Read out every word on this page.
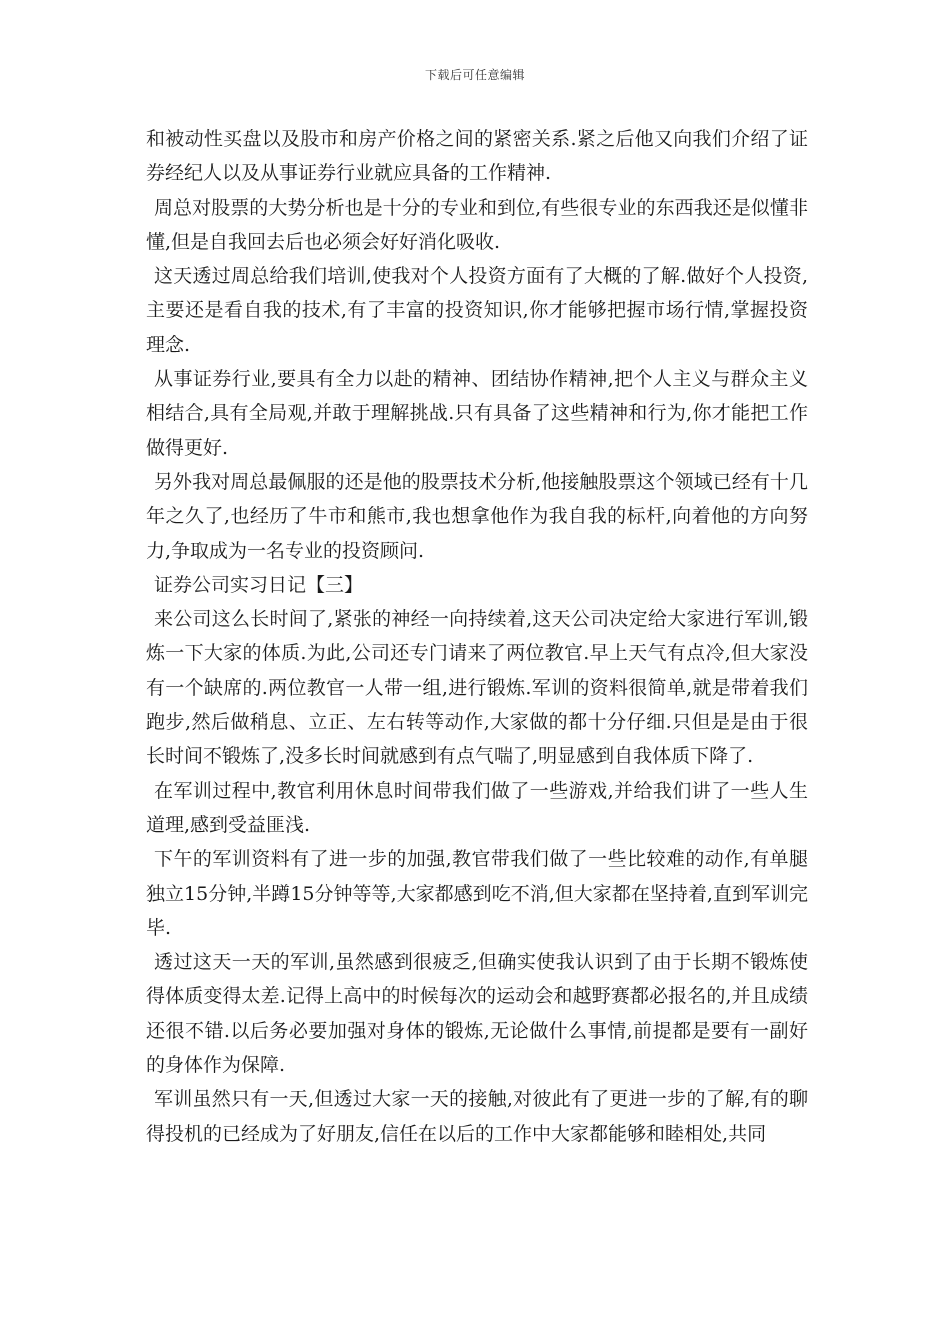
下载后可任意编辑

和被动性买盘以及股市和房产价格之间的紧密关系.紧之后他又向我们介绍了证券经纪人以及从事证券行业就应具备的工作精神.

周总对股票的大势分析也是十分的专业和到位,有些很专业的东西我还是似懂非懂,但是自我回去后也必须会好好消化吸收.

这天透过周总给我们培训,使我对个人投资方面有了大概的了解.做好个人投资,主要还是看自我的技术,有了丰富的投资知识,你才能够把握市场行情,掌握投资理念.

从事证券行业,要具有全力以赴的精神、团结协作精神,把个人主义与群众主义相结合,具有全局观,并敢于理解挑战.只有具备了这些精神和行为,你才能把工作做得更好.

另外我对周总最佩服的还是他的股票技术分析,他接触股票这个领域已经有十几年之久了,也经历了牛市和熊市,我也想拿他作为我自我的标杆,向着他的方向努力,争取成为一名专业的投资顾问.

证券公司实习日记【三】

来公司这么长时间了,紧张的神经一向持续着,这天公司决定给大家进行军训,锻炼一下大家的体质.为此,公司还专门请来了两位教官.早上天气有点冷,但大家没有一个缺席的.两位教官一人带一组,进行锻炼.军训的资料很简单,就是带着我们跑步,然后做稍息、立正、左右转等动作,大家做的都十分仔细.只但是是由于很长时间不锻炼了,没多长时间就感到有点气喘了,明显感到自我体质下降了.

在军训过程中,教官利用休息时间带我们做了一些游戏,并给我们讲了一些人生道理,感到受益匪浅.

下午的军训资料有了进一步的加强,教官带我们做了一些比较难的动作,有单腿独立15分钟,半蹲15分钟等等,大家都感到吃不消,但大家都在坚持着,直到军训完毕.

透过这天一天的军训,虽然感到很疲乏,但确实使我认识到了由于长期不锻炼使得体质变得太差.记得上高中的时候每次的运动会和越野赛都必报名的,并且成绩还很不错.以后务必要加强对身体的锻炼,无论做什么事情,前提都是要有一副好的身体作为保障.

军训虽然只有一天,但透过大家一天的接触,对彼此有了更进一步的了解,有的聊得投机的已经成为了好朋友,信任在以后的工作中大家都能够和睦相处,共同
